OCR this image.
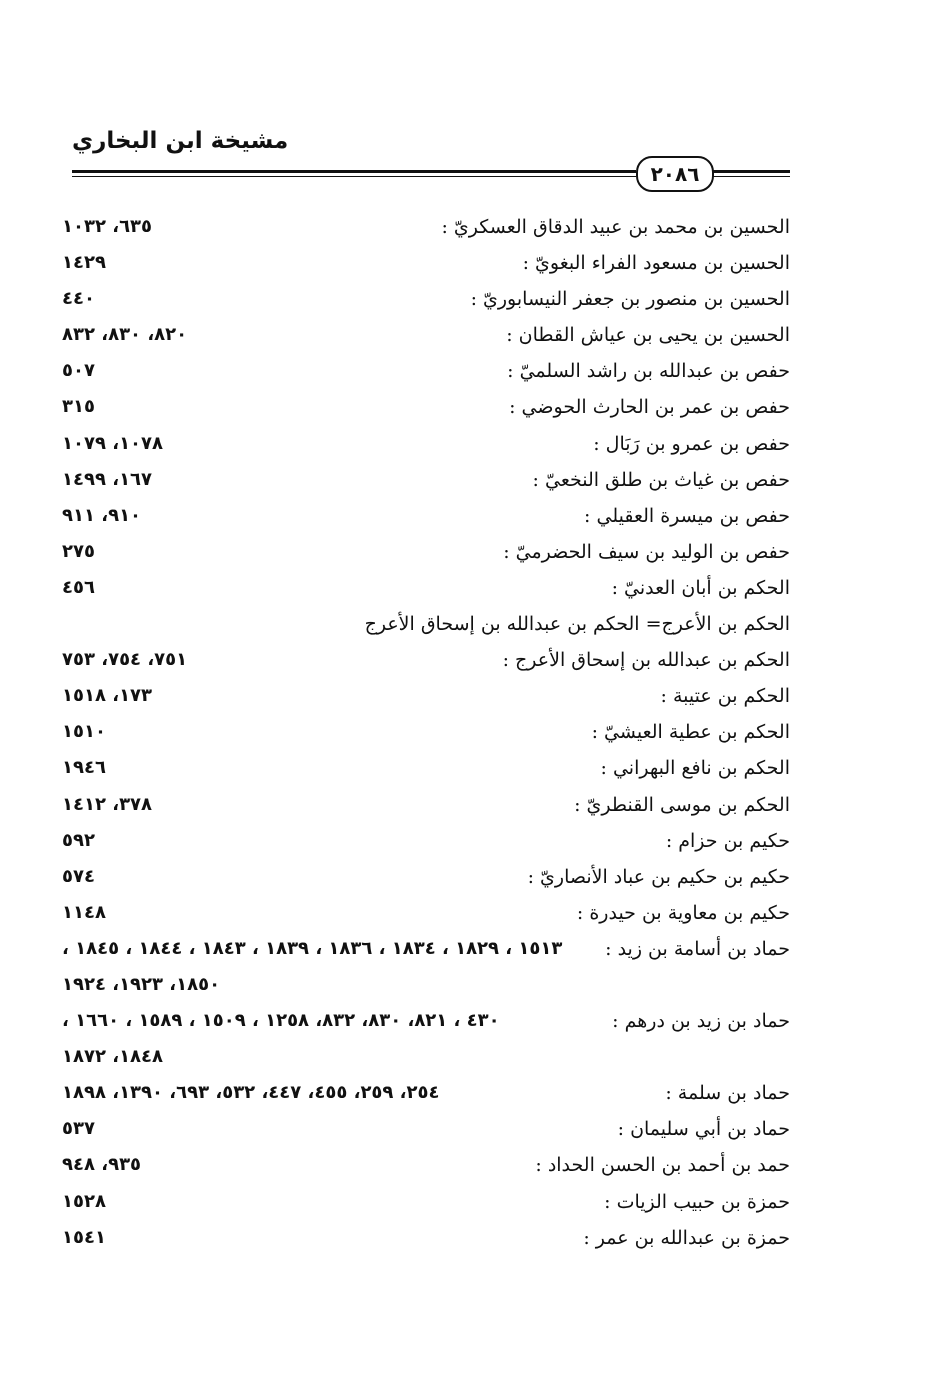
مشيخة ابن البخاري
٢٠٨٦
الحسين بن محمد بن عبيد الدقاق العسكريّ :
٦٣٥، ١٠٣٢
الحسين بن مسعود الفراء البغويّ :
١٤٢٩
الحسين بن منصور بن جعفر النيسابوريّ :
٤٤٠
الحسين بن يحيى بن عياش القطان :
٨٢٠، ٨٣٠، ٨٣٢
حفص بن عبدالله بن راشد السلميّ :
٥٠٧
حفص بن عمر بن الحارث الحوضي :
٣١٥
حفص بن عمرو بن رَبَال :
١٠٧٨، ١٠٧٩
حفص بن غياث بن طلق النخعيّ :
١٦٧، ١٤٩٩
حفص بن ميسرة العقيلي :
٩١٠، ٩١١
حفص بن الوليد بن سيف الحضرميّ :
٢٧٥
الحكم بن أبان العدنيّ :
٤٥٦
الحكم بن الأعرج= الحكم بن عبدالله بن إسحاق الأعرج
الحكم بن عبدالله بن إسحاق الأعرج :
٧٥١، ٧٥٤، ٧٥٣
الحكم بن عتيبة :
١٧٣، ١٥١٨
الحكم بن عطية العيشيّ :
١٥١٠
الحكم بن نافع البهراني :
١٩٤٦
الحكم بن موسى القنطريّ :
٣٧٨، ١٤١٢
حكيم بن حزام :
٥٩٢
حكيم بن حكيم بن عباد الأنصاريّ :
٥٧٤
حكيم بن معاوية بن حيدرة :
١١٤٨
حماد بن أسامة بن زيد :
١٥١٣ ، ١٨٢٩ ، ١٨٣٤ ، ١٨٣٦ ، ١٨٣٩ ، ١٨٤٣ ، ١٨٤٤ ، ١٨٤٥ ،
١٨٥٠، ١٩٢٣، ١٩٢٤
حماد بن زيد بن درهم :
٤٣٠ ، ٨٢١، ٨٣٠، ٨٣٢، ١٢٥٨ ، ١٥٠٩ ، ١٥٨٩ ، ١٦٦٠ ،
١٨٤٨، ١٨٧٢
حماد بن سلمة :
٢٥٤، ٢٥٩، ٤٥٥، ٤٤٧، ٥٣٢، ٦٩٣، ١٣٩٠، ١٨٩٨
حماد بن أبي سليمان :
٥٣٧
حمد بن أحمد بن الحسن الحداد :
٩٣٥، ٩٤٨
حمزة بن حبيب الزيات :
١٥٢٨
حمزة بن عبدالله بن عمر :
١٥٤١
